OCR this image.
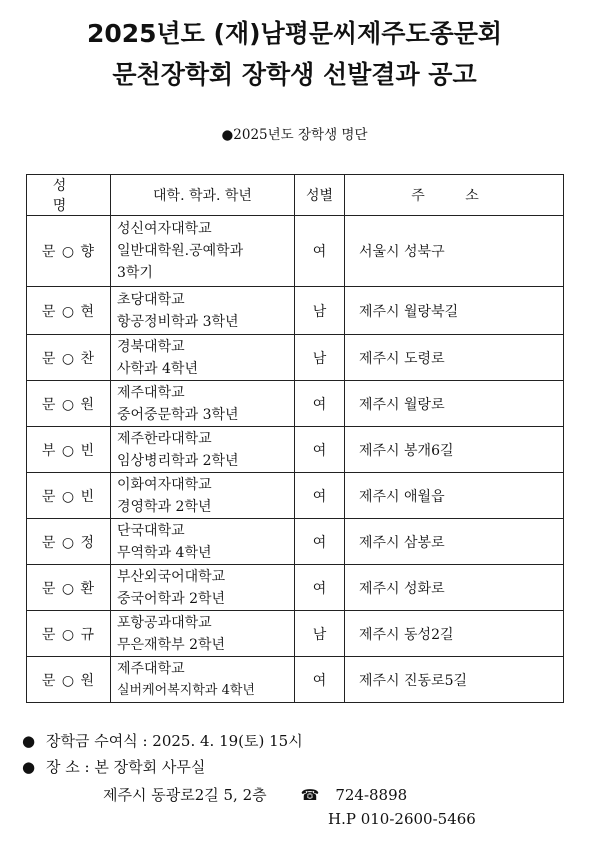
2025년도 (재)남평문씨제주도종문회
문천장학회 장학생 선발결과 공고
●2025년도 장학생 명단
성 명	대학. 학과. 학년	성별	주 소
문 ○ 향	성신여자대학교
일반대학원.공예학과
3학기	여	서울시 성북구
문 ○ 현	초당대학교
항공정비학과 3학년	남	제주시 월랑북길
문 ○ 찬	경북대학교
사학과 4학년	남	제주시 도령로
문 ○ 원	제주대학교
중어중문학과 3학년	여	제주시 월랑로
부 ○ 빈	제주한라대학교
임상병리학과 2학년	여	제주시 봉개6길
문 ○ 빈	이화여자대학교
경영학과 2학년	여	제주시 애월읍
문 ○ 정	단국대학교
무역학과 4학년	여	제주시 삼봉로
문 ○ 환	부산외국어대학교
중국어학과 2학년	여	제주시 성화로
문 ○ 규	포항공과대학교
무은재학부 2학년	남	제주시 동성2길
문 ○ 원	제주대학교
실버케어복지학과 4학년	여	제주시 진동로5길
● 장학금 수여식 : 2025. 4. 19(토) 15시
● 장 소 : 본 장학회 사무실
제주시 동광로2길 5, 2층 ☎ 724-8898
H.P 010-2600-5466
